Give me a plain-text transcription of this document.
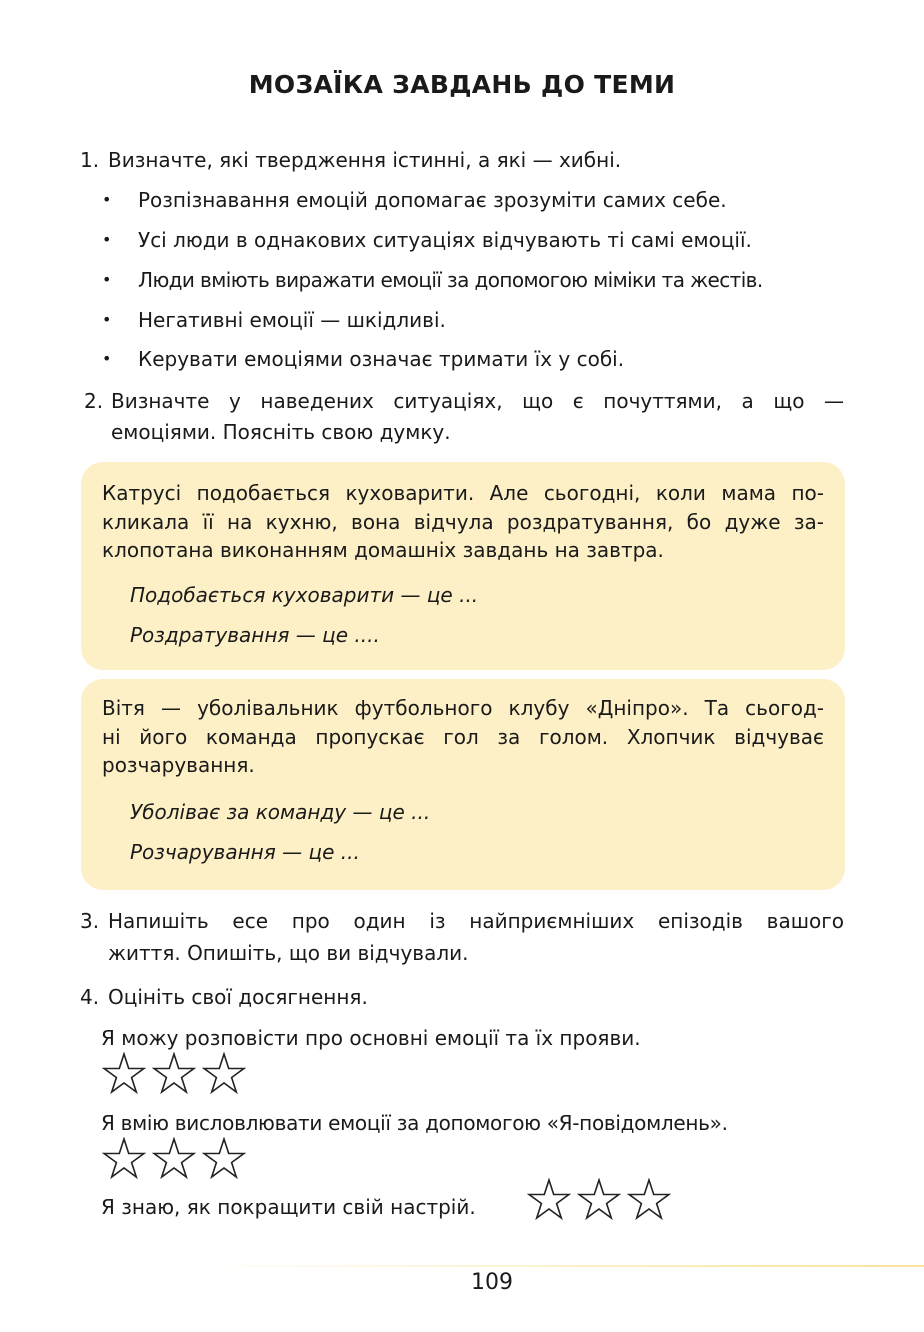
МОЗАЇКА ЗАВДАНЬ ДО ТЕМИ
1. Визначте, які твердження істинні, а які — хибні.
• Розпізнавання емоцій допомагає зрозуміти самих себе.
• Усі люди в однакових ситуаціях відчувають ті самі емоції.
• Люди вміють виражати емоції за допомогою міміки та жестів.
• Негативні емоції — шкідливі.
• Керувати емоціями означає тримати їх у собі.
2. Визначте у наведених ситуаціях, що є почуттями, а що —
емоціями. Поясніть свою думку.
Катрусі подобається куховарити. Але сьогодні, коли мама по-
кликала її на кухню, вона відчула роздратування, бо дуже за-
клопотана виконанням домашніх завдань на завтра.
Подобається куховарити — це ...
Роздратування — це ....
Вітя — уболівальник футбольного клубу «Дніпро». Та сьогод-
ні його команда пропускає гол за голом. Хлопчик відчуває
розчарування.
Уболіває за команду — це ...
Розчарування — це ...
3. Напишіть есе про один із найприємніших епізодів вашого
життя. Опишіть, що ви відчували.
4. Оцініть свої досягнення.
Я можу розповісти про основні емоції та їх прояви.
Я вмію висловлювати емоції за допомогою «Я-повідомлень».
Я знаю, як покращити свій настрій.
109
